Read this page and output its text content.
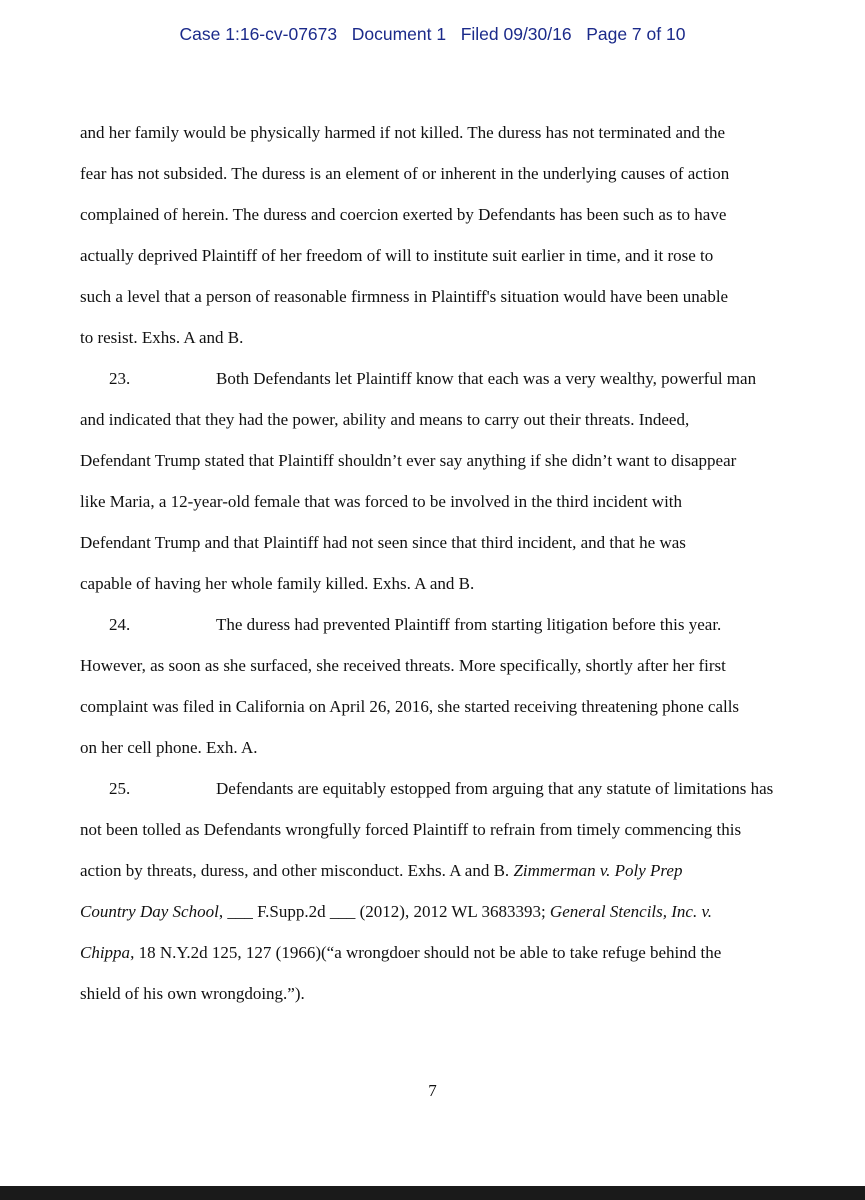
Case 1:16-cv-07673 Document 1 Filed 09/30/16 Page 7 of 10
and her family would be physically harmed if not killed. The duress has not terminated and the
fear has not subsided. The duress is an element of or inherent in the underlying causes of action
complained of herein. The duress and coercion exerted by Defendants has been such as to have
actually deprived Plaintiff of her freedom of will to institute suit earlier in time, and it rose to
such a level that a person of reasonable firmness in Plaintiff's situation would have been unable
to resist. Exhs. A and B.
23.	Both Defendants let Plaintiff know that each was a very wealthy, powerful man
and indicated that they had the power, ability and means to carry out their threats. Indeed,
Defendant Trump stated that Plaintiff shouldn’t ever say anything if she didn’t want to disappear
like Maria, a 12-year-old female that was forced to be involved in the third incident with
Defendant Trump and that Plaintiff had not seen since that third incident, and that he was
capable of having her whole family killed. Exhs. A and B.
24.	The duress had prevented Plaintiff from starting litigation before this year.
However, as soon as she surfaced, she received threats. More specifically, shortly after her first
complaint was filed in California on April 26, 2016, she started receiving threatening phone calls
on her cell phone. Exh. A.
25.	Defendants are equitably estopped from arguing that any statute of limitations has
not been tolled as Defendants wrongfully forced Plaintiff to refrain from timely commencing this
action by threats, duress, and other misconduct. Exhs. A and B. Zimmerman v. Poly Prep
Country Day School, ___ F.Supp.2d ___ (2012), 2012 WL 3683393; General Stencils, Inc. v.
Chippa, 18 N.Y.2d 125, 127 (1966)(“a wrongdoer should not be able to take refuge behind the
shield of his own wrongdoing.”).
7
